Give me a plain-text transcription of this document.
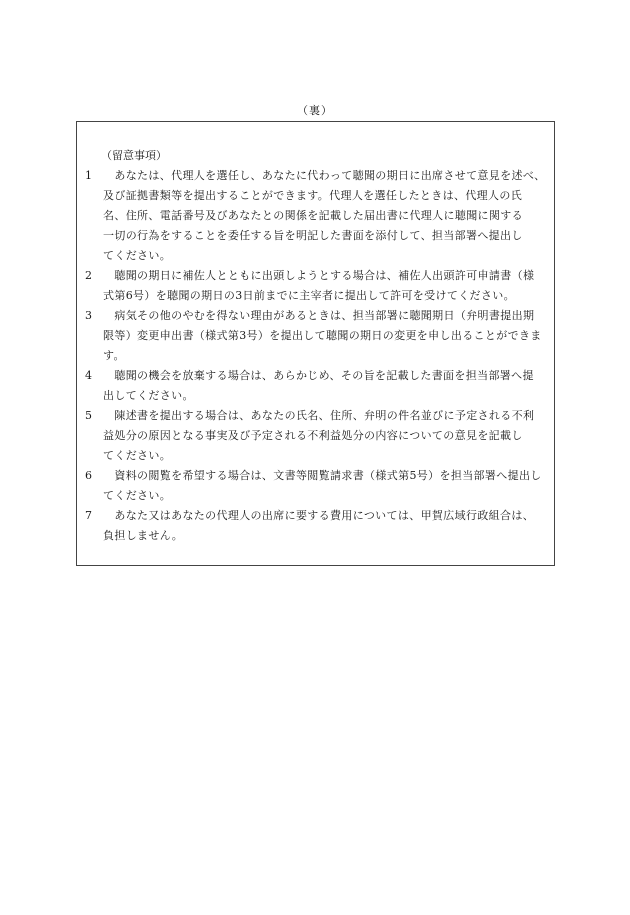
（裏）
（留意事項）
1 　あなたは、代理人を選任し、あなたに代わって聴聞の期日に出席させて意見を述べ、
及び証拠書類等を提出することができます。代理人を選任したときは、代理人の氏
名、住所、電話番号及びあなたとの関係を記載した届出書に代理人に聴聞に関する
一切の行為をすることを委任する旨を明記した書面を添付して、担当部署へ提出し
てください。
2 　聴聞の期日に補佐人とともに出頭しようとする場合は、補佐人出頭許可申請書（様
式第6号）を聴聞の期日の3日前までに主宰者に提出して許可を受けてください。
3 　病気その他のやむを得ない理由があるときは、担当部署に聴聞期日（弁明書提出期
限等）変更申出書（様式第3号）を提出して聴聞の期日の変更を申し出ることができま
す。
4 　聴聞の機会を放棄する場合は、あらかじめ、その旨を記載した書面を担当部署へ提
出してください。
5 　陳述書を提出する場合は、あなたの氏名、住所、弁明の件名並びに予定される不利
益処分の原因となる事実及び予定される不利益処分の内容についての意見を記載し
てください。
6 　資料の閲覧を希望する場合は、文書等閲覧請求書（様式第5号）を担当部署へ提出し
てください。
7 　あなた又はあなたの代理人の出席に要する費用については、甲賀広域行政組合は、
負担しません。
